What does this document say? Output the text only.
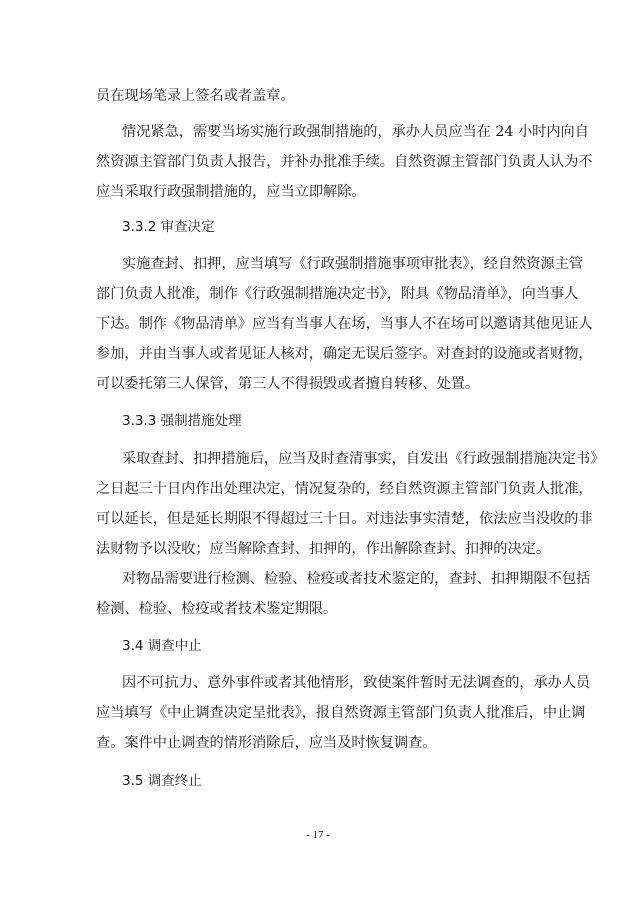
员在现场笔录上签名或者盖章。
情况紧急，需要当场实施行政强制措施的，承办人员应当在 24 小时内向自
然资源主管部门负责人报告，并补办批准手续。自然资源主管部门负责人认为不
应当采取行政强制措施的，应当立即解除。
3.3.2 审查决定
实施查封、扣押，应当填写《行政强制措施事项审批表》，经自然资源主管
部门负责人批准，制作《行政强制措施决定书》，附具《物品清单》，向当事人
下达。制作《物品清单》应当有当事人在场，当事人不在场可以邀请其他见证人
参加，并由当事人或者见证人核对，确定无误后签字。对查封的设施或者财物，
可以委托第三人保管，第三人不得损毁或者擅自转移、处置。
3.3.3 强制措施处理
采取查封、扣押措施后，应当及时查清事实，自发出《行政强制措施决定书》
之日起三十日内作出处理决定，情况复杂的，经自然资源主管部门负责人批准，
可以延长，但是延长期限不得超过三十日。对违法事实清楚，依法应当没收的非
法财物予以没收；应当解除查封、扣押的，作出解除查封、扣押的决定。
对物品需要进行检测、检验、检疫或者技术鉴定的，查封、扣押期限不包括
检测、检验、检疫或者技术鉴定期限。
3.4 调查中止
因不可抗力、意外事件或者其他情形，致使案件暂时无法调查的，承办人员
应当填写《中止调查决定呈批表》，报自然资源主管部门负责人批准后，中止调
查。案件中止调查的情形消除后，应当及时恢复调查。
3.5 调查终止
- 17 -
